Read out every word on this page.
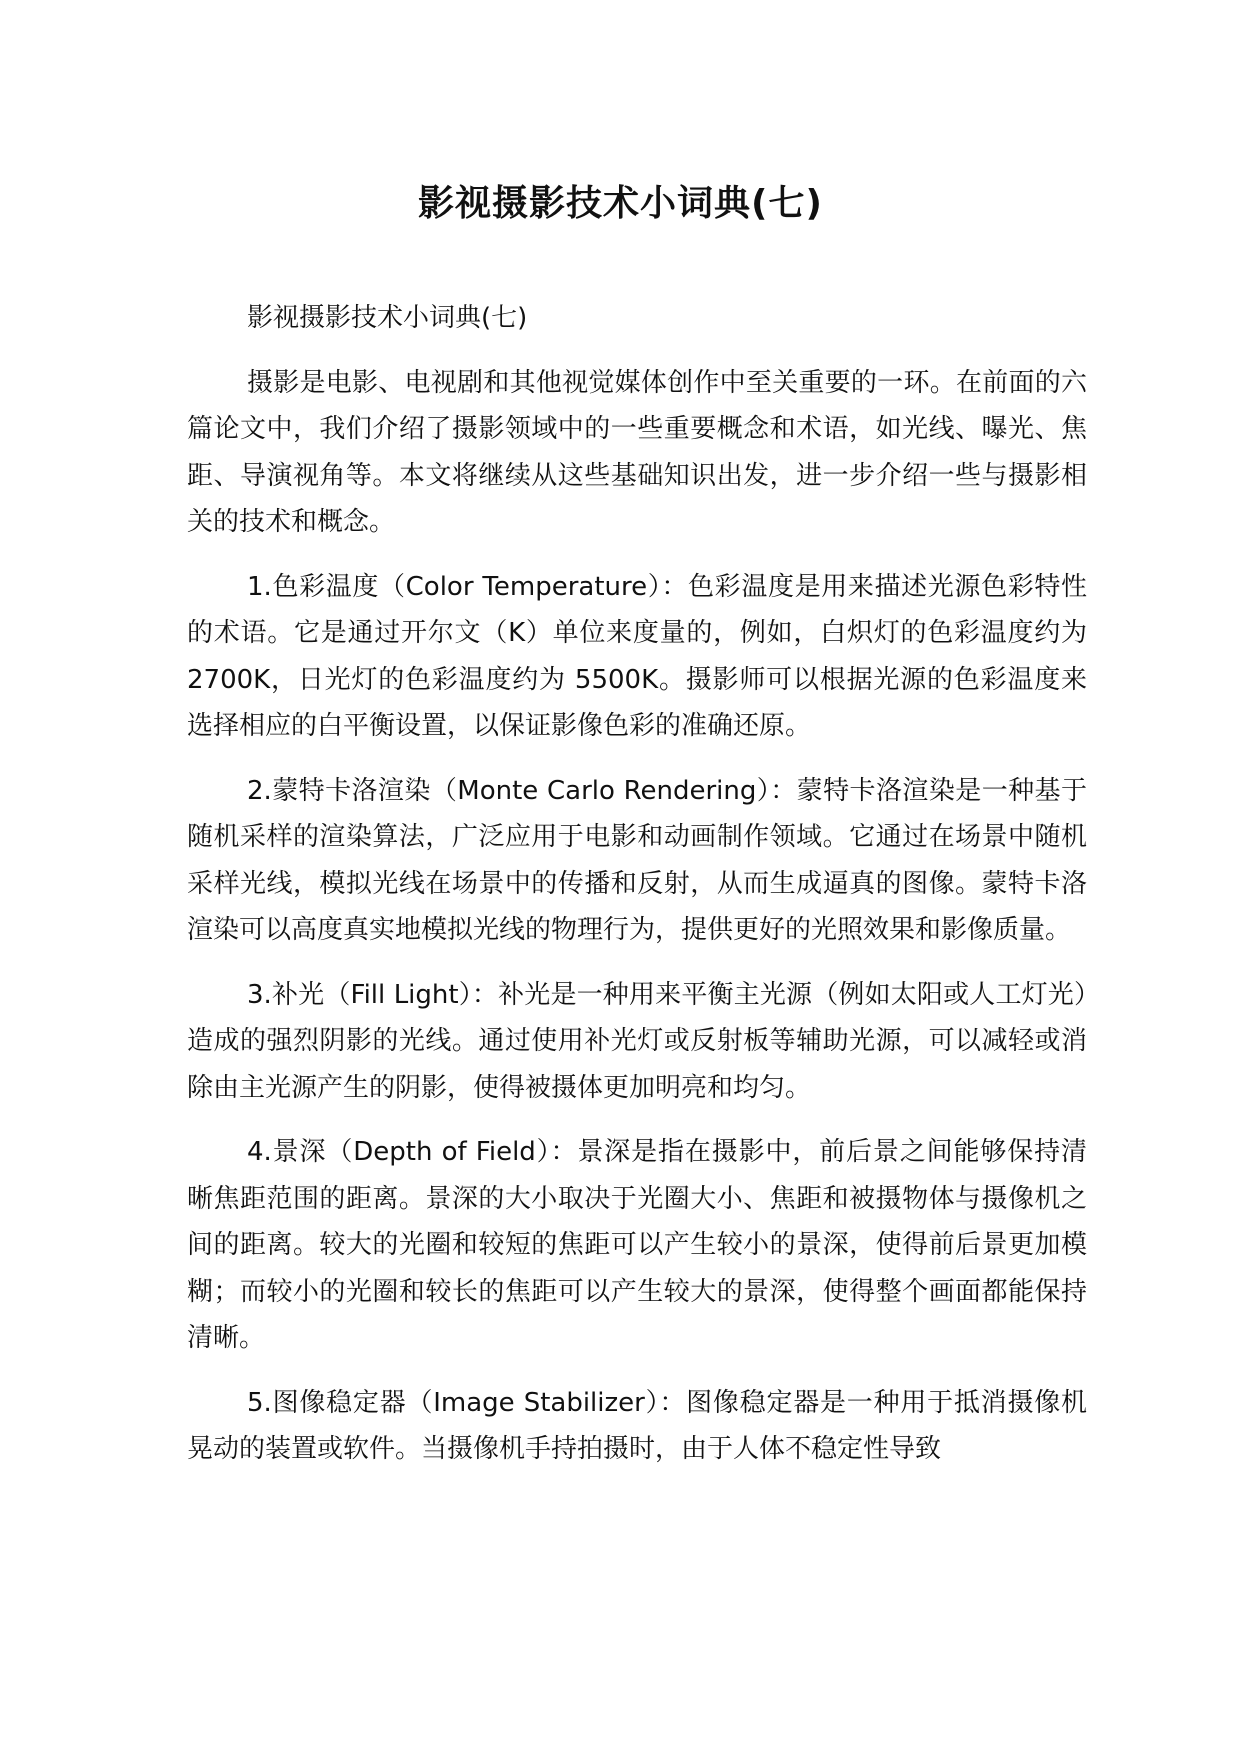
影视摄影技术小词典(七)

影视摄影技术小词典(七)

摄影是电影、电视剧和其他视觉媒体创作中至关重要的一环。在前面的六篇论文中，我们介绍了摄影领域中的一些重要概念和术语，如光线、曝光、焦距、导演视角等。本文将继续从这些基础知识出发，进一步介绍一些与摄影相关的技术和概念。

1.色彩温度（Color Temperature）：色彩温度是用来描述光源色彩特性的术语。它是通过开尔文（K）单位来度量的，例如，白炽灯的色彩温度约为 2700K，日光灯的色彩温度约为 5500K。摄影师可以根据光源的色彩温度来选择相应的白平衡设置，以保证影像色彩的准确还原。

2.蒙特卡洛渲染（Monte Carlo Rendering）：蒙特卡洛渲染是一种基于随机采样的渲染算法，广泛应用于电影和动画制作领域。它通过在场景中随机采样光线，模拟光线在场景中的传播和反射，从而生成逼真的图像。蒙特卡洛渲染可以高度真实地模拟光线的物理行为，提供更好的光照效果和影像质量。

3.补光（Fill Light）：补光是一种用来平衡主光源（例如太阳或人工灯光）造成的强烈阴影的光线。通过使用补光灯或反射板等辅助光源，可以减轻或消除由主光源产生的阴影，使得被摄体更加明亮和均匀。

4.景深（Depth of Field）：景深是指在摄影中，前后景之间能够保持清晰焦距范围的距离。景深的大小取决于光圈大小、焦距和被摄物体与摄像机之间的距离。较大的光圈和较短的焦距可以产生较小的景深，使得前后景更加模糊；而较小的光圈和较长的焦距可以产生较大的景深，使得整个画面都能保持清晰。

5.图像稳定器（Image Stabilizer）：图像稳定器是一种用于抵消摄像机晃动的装置或软件。当摄像机手持拍摄时，由于人体不稳定性导致
